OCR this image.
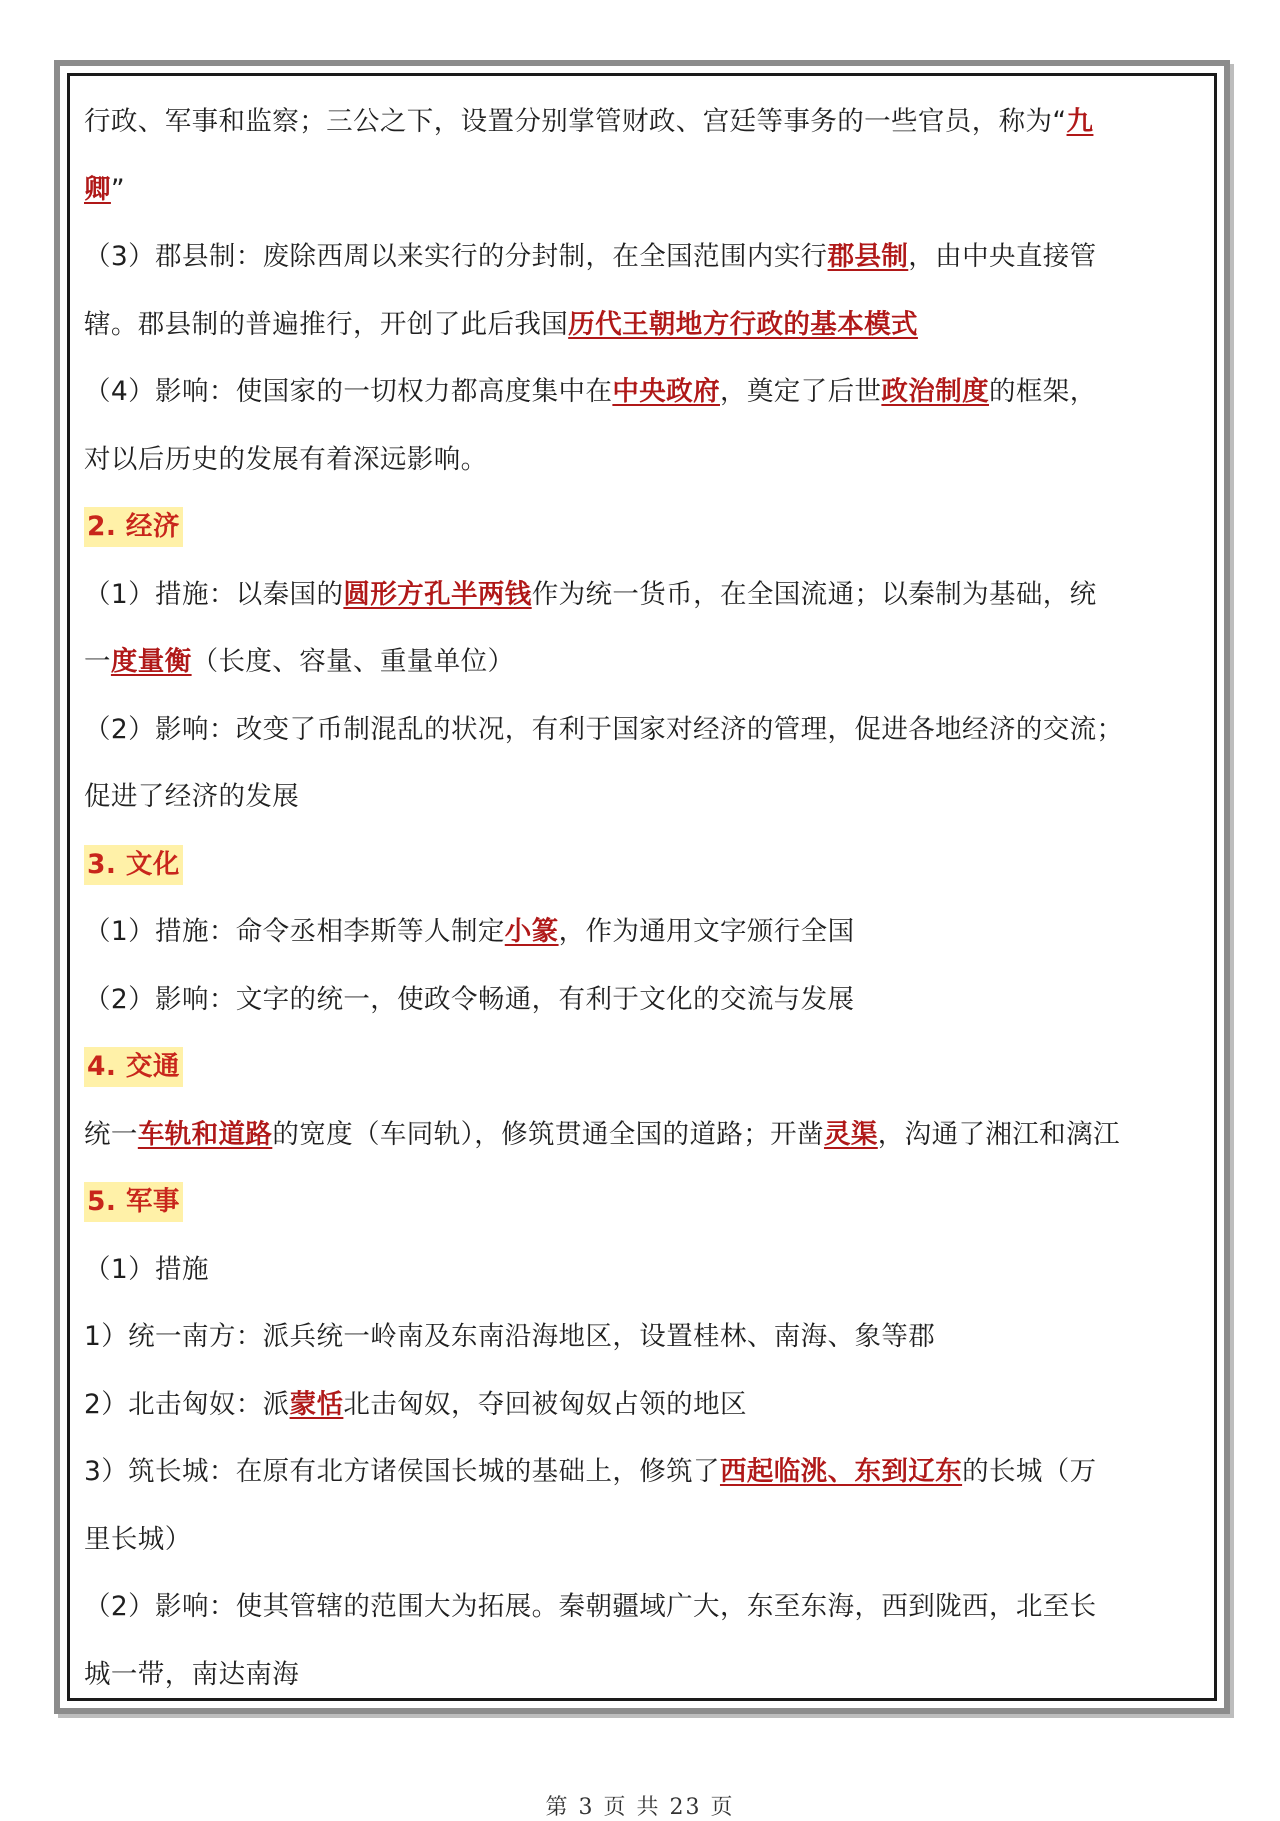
行政、军事和监察；三公之下，设置分别掌管财政、宫廷等事务的一些官员，称为“九
卿”
（3）郡县制：废除西周以来实行的分封制，在全国范围内实行郡县制，由中央直接管
辖。郡县制的普遍推行，开创了此后我国历代王朝地方行政的基本模式
（4）影响：使国家的一切权力都高度集中在中央政府，奠定了后世政治制度的框架，
对以后历史的发展有着深远影响。
2. 经济
（1）措施：以秦国的圆形方孔半两钱作为统一货币，在全国流通；以秦制为基础，统
一度量衡（长度、容量、重量单位）
（2）影响：改变了币制混乱的状况，有利于国家对经济的管理，促进各地经济的交流；
促进了经济的发展
3. 文化
（1）措施：命令丞相李斯等人制定小篆，作为通用文字颁行全国
（2）影响：文字的统一，使政令畅通，有利于文化的交流与发展
4. 交通
统一车轨和道路的宽度（车同轨），修筑贯通全国的道路；开凿灵渠，沟通了湘江和漓江
5. 军事
（1）措施
1）统一南方：派兵统一岭南及东南沿海地区，设置桂林、南海、象等郡
2）北击匈奴：派蒙恬北击匈奴，夺回被匈奴占领的地区
3）筑长城：在原有北方诸侯国长城的基础上，修筑了西起临洮、东到辽东的长城（万
里长城）
（2）影响：使其管辖的范围大为拓展。秦朝疆域广大，东至东海，西到陇西，北至长
城一带，南达南海
第 3 页 共 23 页
